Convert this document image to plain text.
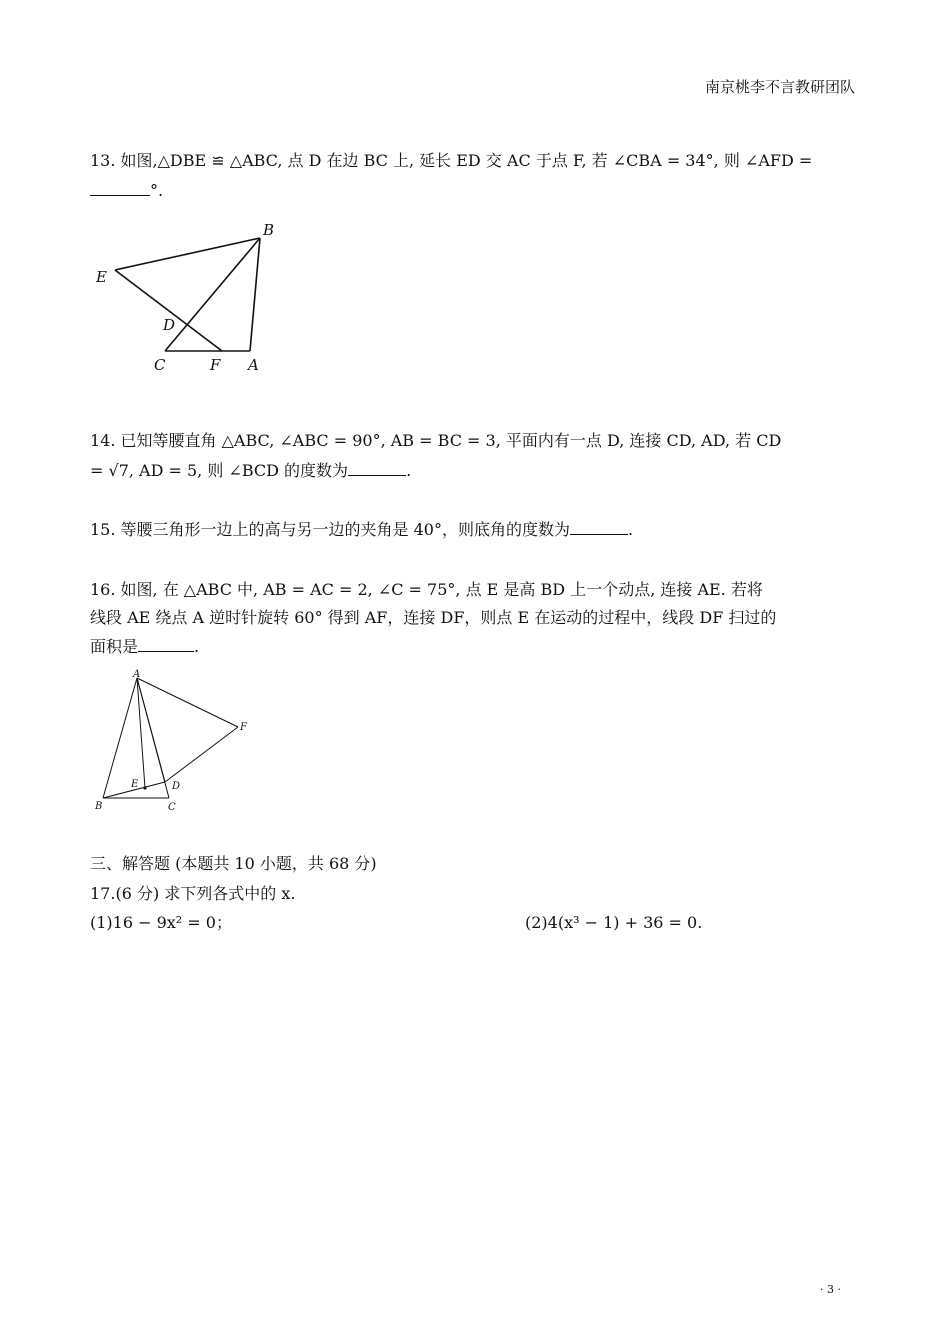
南京桃李不言教研团队
13. 如图,△DBE ≌ △ABC, 点 D 在边 BC 上, 延长 ED 交 AC 于点 F, 若 ∠CBA = 34°, 则 ∠AFD =
°.
E
B
D
C	F A
14. 已知等腰直角 △ABC, ∠ABC = 90°, AB = BC = 3, 平面内有一点 D, 连接 CD, AD, 若 CD
= √7, AD = 5, 则 ∠BCD 的度数为	.
15. 等腰三角形一边上的高与另一边的夹角是 40°，则底角的度数为	.
16. 如图, 在 △ABC 中, AB = AC = 2, ∠C = 75°, 点 E 是高 BD 上一个动点, 连接 AE. 若将
线段 AE 绕点 A 逆时针旋转 60° 得到 AF，连接 DF，则点 E 在运动的过程中，线段 DF 扫过的
面积是	.
A
F
E	D
B	C
三、解答题 (本题共 10 小题，共 68 分)
17.(6 分) 求下列各式中的 x.
(1)16 − 9x² = 0；	(2)4(x³ − 1) + 36 = 0.
· 3 ·
